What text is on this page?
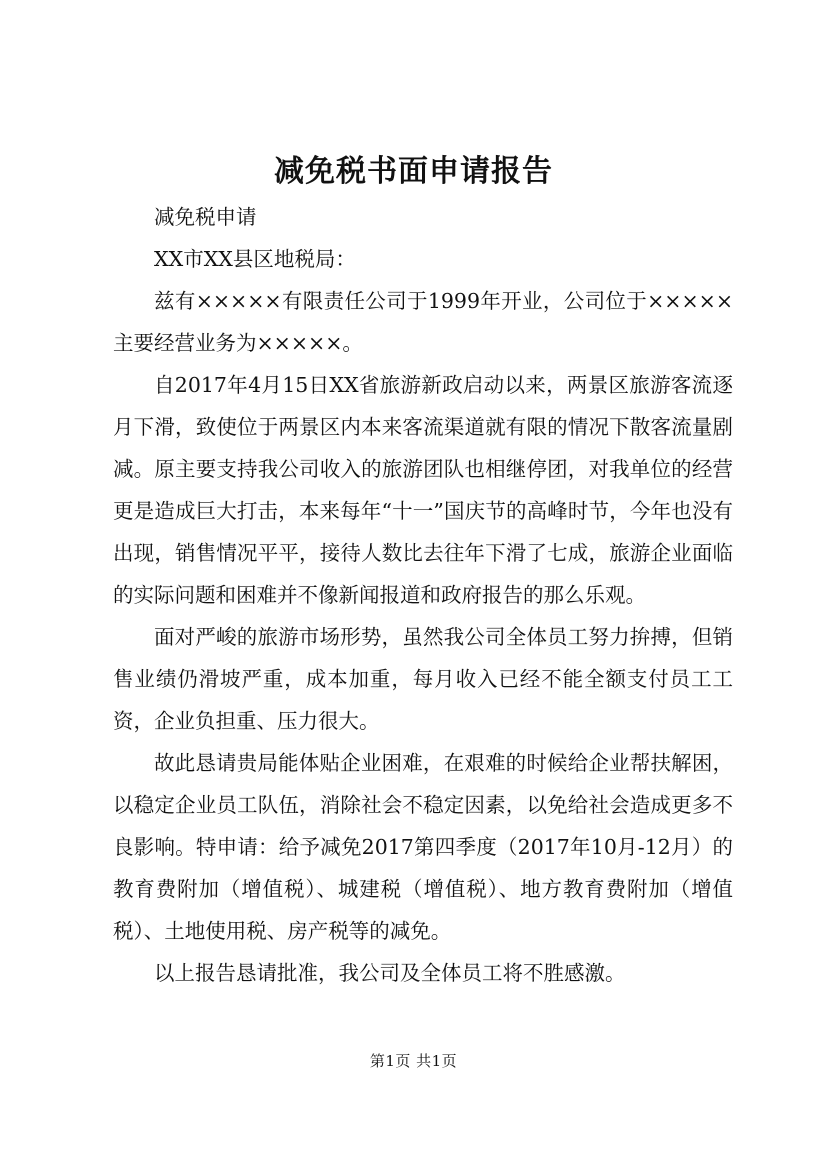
减免税书面申请报告

减免税申请

XX市XX县区地税局：

兹有×××××有限责任公司于1999年开业，公司位于×××××主要经营业务为×××××。

自2017年4月15日XX省旅游新政启动以来，两景区旅游客流逐月下滑，致使位于两景区内本来客流渠道就有限的情况下散客流量剧减。原主要支持我公司收入的旅游团队也相继停团，对我单位的经营更是造成巨大打击，本来每年“十一”国庆节的高峰时节，今年也没有出现，销售情况平平，接待人数比去往年下滑了七成，旅游企业面临的实际问题和困难并不像新闻报道和政府报告的那么乐观。

面对严峻的旅游市场形势，虽然我公司全体员工努力拚搏，但销售业绩仍滑坡严重，成本加重，每月收入已经不能全额支付员工工资，企业负担重、压力很大。

故此恳请贵局能体贴企业困难，在艰难的时候给企业帮扶解困，以稳定企业员工队伍，消除社会不稳定因素，以免给社会造成更多不良影响。特申请：给予减免2017第四季度（2017年10月-12月）的教育费附加（增值税）、城建税（增值税）、地方教育费附加（增值税）、土地使用税、房产税等的减免。

以上报告恳请批准，我公司及全体员工将不胜感激。

第1页 共1页
